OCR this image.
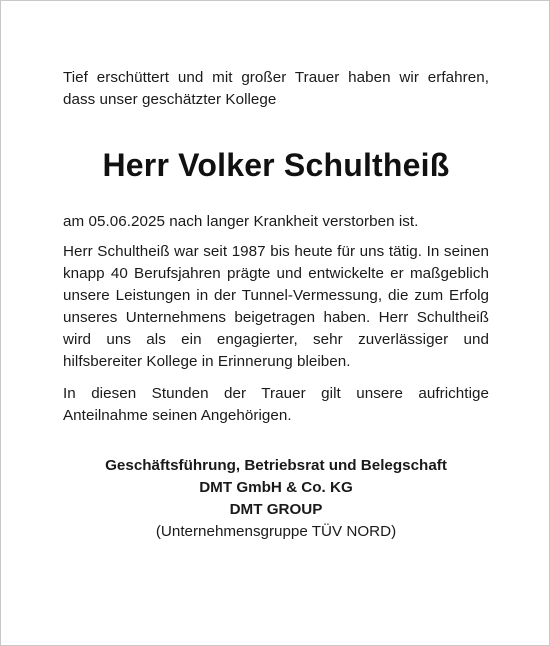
Tief erschüttert und mit großer Trauer haben wir erfahren, dass unser geschätzter Kollege

Herr Volker Schultheiß

am 05.06.2025 nach langer Krankheit verstorben ist.

Herr Schultheiß war seit 1987 bis heute für uns tätig. In seinen knapp 40 Berufsjahren prägte und entwickelte er maßgeblich unsere Leistungen in der Tunnel-Vermessung, die zum Erfolg unseres Unternehmens beigetragen haben. Herr Schultheiß wird uns als ein engagierter, sehr zuverlässiger und hilfsbereiter Kollege in Erinnerung bleiben.

In diesen Stunden der Trauer gilt unsere aufrichtige Anteilnahme seinen Angehörigen.

Geschäftsführung, Betriebsrat und Belegschaft
DMT GmbH & Co. KG
DMT GROUP
(Unternehmensgruppe TÜV NORD)
